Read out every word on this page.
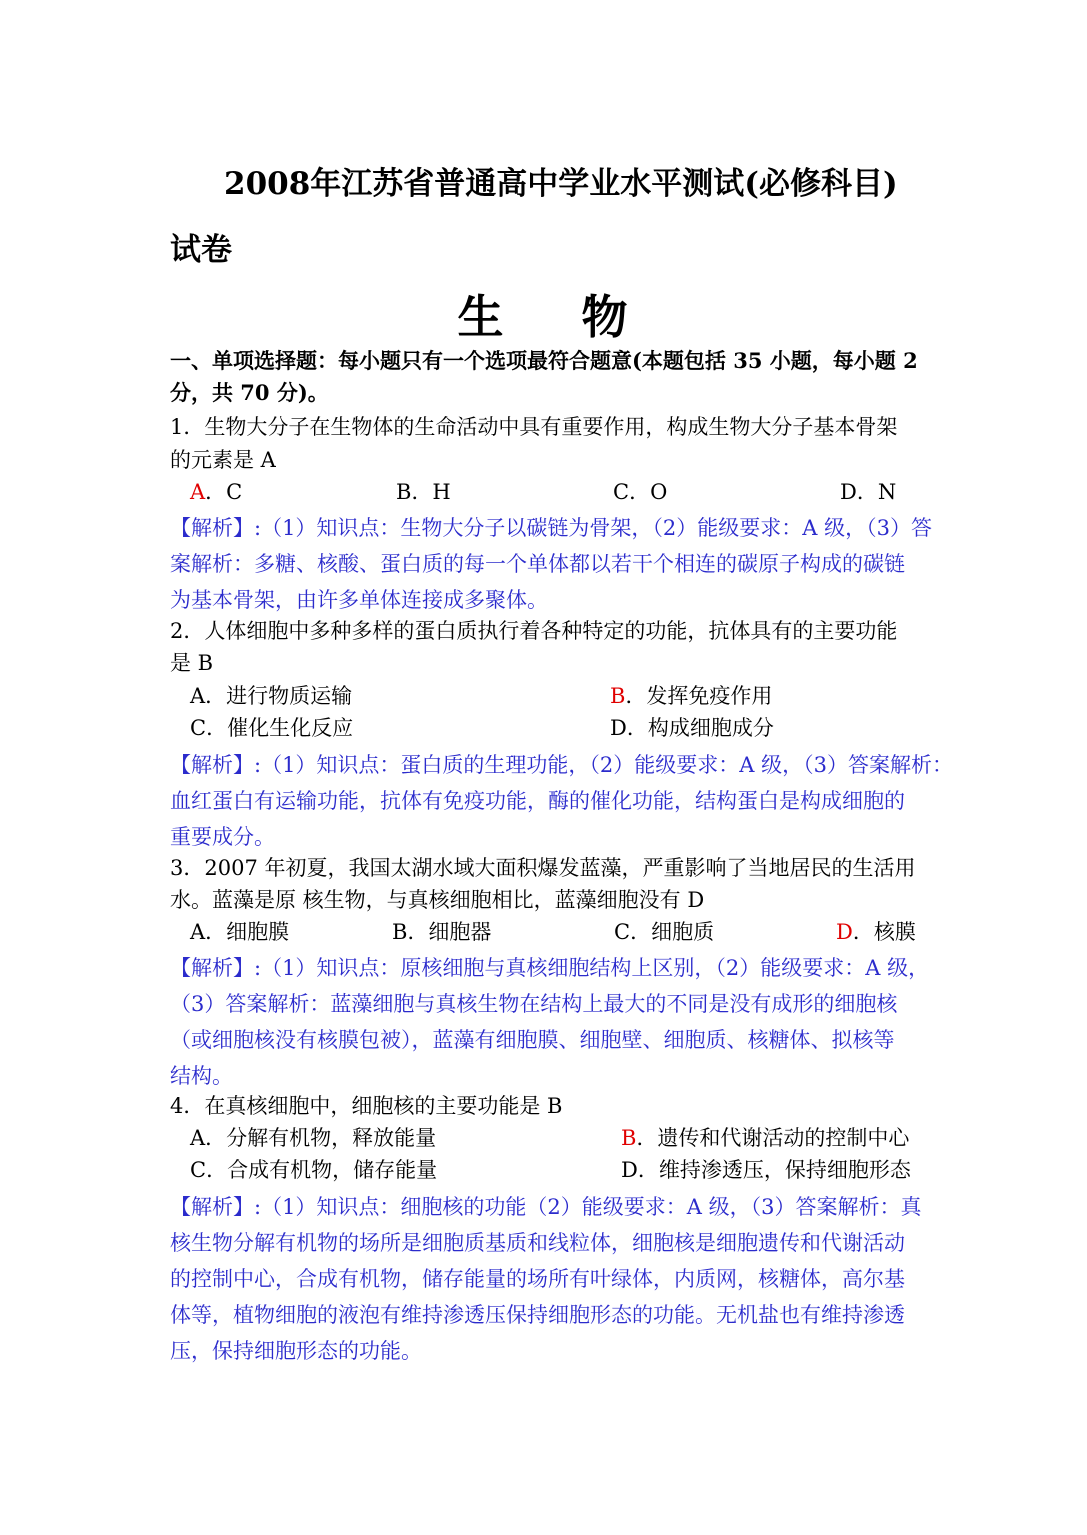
2008年江苏省普通高中学业水平测试(必修科目)
试卷
生 物
一、单项选择题：每小题只有一个选项最符合题意(本题包括 35 小题，每小题 2
分，共 70 分)。
1．生物大分子在生物体的生命活动中具有重要作用，构成生物大分子基本骨架
的元素是 A
A．C	B．H	C．O	D．N
【解析】:（1）知识点：生物大分子以碳链为骨架，（2）能级要求：A 级，（3）答
案解析：多糖、核酸、蛋白质的每一个单体都以若干个相连的碳原子构成的碳链
为基本骨架，由许多单体连接成多聚体。
2．人体细胞中多种多样的蛋白质执行着各种特定的功能，抗体具有的主要功能
是 B
A．进行物质运输	B．发挥免疫作用
C．催化生化反应	D．构成细胞成分
【解析】:（1）知识点：蛋白质的生理功能，（2）能级要求：A 级，（3）答案解析：
血红蛋白有运输功能，抗体有免疫功能，酶的催化功能，结构蛋白是构成细胞的
重要成分。
3．2007 年初夏，我国太湖水域大面积爆发蓝藻，严重影响了当地居民的生活用
水。蓝藻是原 核生物，与真核细胞相比，蓝藻细胞没有 D
A．细胞膜	B．细胞器	C．细胞质	D．核膜
【解析】:（1）知识点：原核细胞与真核细胞结构上区别，（2）能级要求：A 级，
（3）答案解析：蓝藻细胞与真核生物在结构上最大的不同是没有成形的细胞核
（或细胞核没有核膜包被），蓝藻有细胞膜、细胞壁、细胞质、核糖体、拟核等
结构。
4．在真核细胞中，细胞核的主要功能是 B
A．分解有机物，释放能量	B．遗传和代谢活动的控制中心
C．合成有机物，储存能量	D．维持渗透压，保持细胞形态
【解析】:（1）知识点：细胞核的功能（2）能级要求：A 级，（3）答案解析：真
核生物分解有机物的场所是细胞质基质和线粒体，细胞核是细胞遗传和代谢活动
的控制中心，合成有机物，储存能量的场所有叶绿体，内质网，核糖体，高尔基
体等，植物细胞的液泡有维持渗透压保持细胞形态的功能。无机盐也有维持渗透
压，保持细胞形态的功能。
